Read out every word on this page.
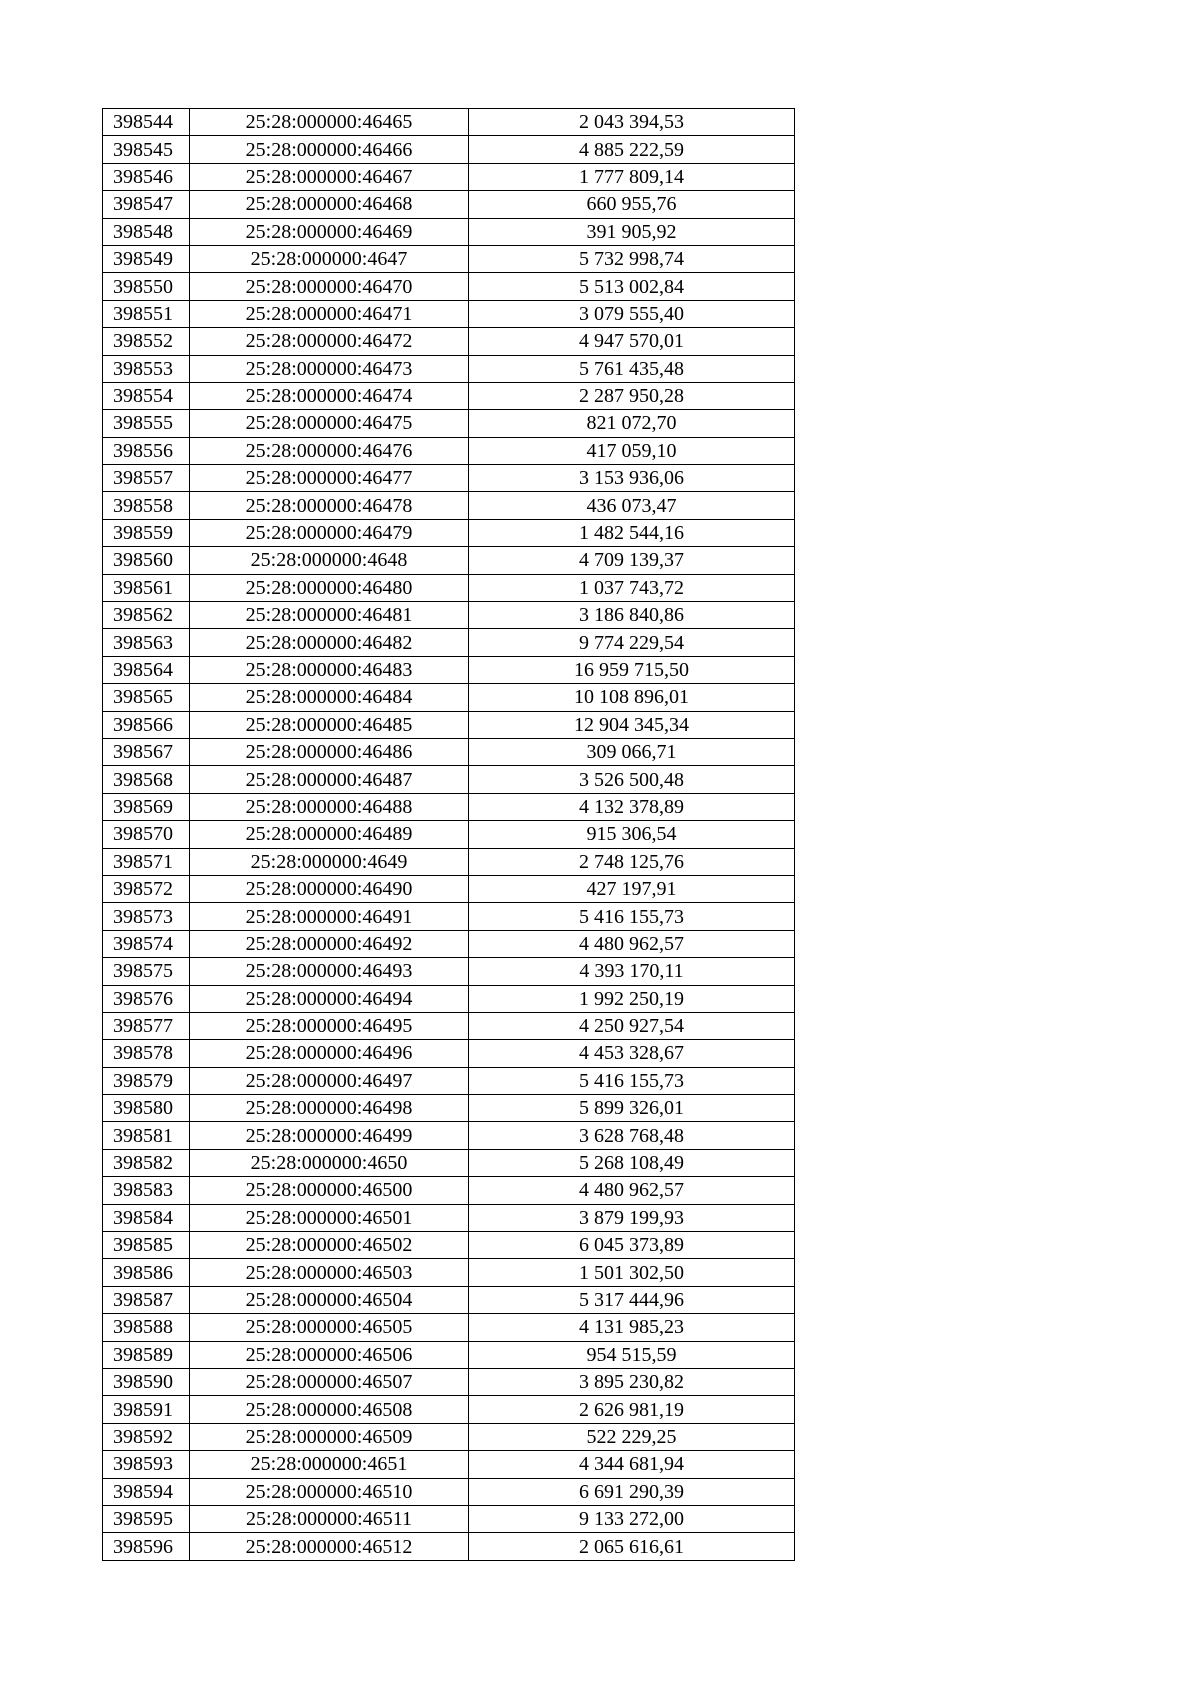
398544	25:28:000000:46465	2 043 394,53
398545	25:28:000000:46466	4 885 222,59
398546	25:28:000000:46467	1 777 809,14
398547	25:28:000000:46468	660 955,76
398548	25:28:000000:46469	391 905,92
398549	25:28:000000:4647	5 732 998,74
398550	25:28:000000:46470	5 513 002,84
398551	25:28:000000:46471	3 079 555,40
398552	25:28:000000:46472	4 947 570,01
398553	25:28:000000:46473	5 761 435,48
398554	25:28:000000:46474	2 287 950,28
398555	25:28:000000:46475	821 072,70
398556	25:28:000000:46476	417 059,10
398557	25:28:000000:46477	3 153 936,06
398558	25:28:000000:46478	436 073,47
398559	25:28:000000:46479	1 482 544,16
398560	25:28:000000:4648	4 709 139,37
398561	25:28:000000:46480	1 037 743,72
398562	25:28:000000:46481	3 186 840,86
398563	25:28:000000:46482	9 774 229,54
398564	25:28:000000:46483	16 959 715,50
398565	25:28:000000:46484	10 108 896,01
398566	25:28:000000:46485	12 904 345,34
398567	25:28:000000:46486	309 066,71
398568	25:28:000000:46487	3 526 500,48
398569	25:28:000000:46488	4 132 378,89
398570	25:28:000000:46489	915 306,54
398571	25:28:000000:4649	2 748 125,76
398572	25:28:000000:46490	427 197,91
398573	25:28:000000:46491	5 416 155,73
398574	25:28:000000:46492	4 480 962,57
398575	25:28:000000:46493	4 393 170,11
398576	25:28:000000:46494	1 992 250,19
398577	25:28:000000:46495	4 250 927,54
398578	25:28:000000:46496	4 453 328,67
398579	25:28:000000:46497	5 416 155,73
398580	25:28:000000:46498	5 899 326,01
398581	25:28:000000:46499	3 628 768,48
398582	25:28:000000:4650	5 268 108,49
398583	25:28:000000:46500	4 480 962,57
398584	25:28:000000:46501	3 879 199,93
398585	25:28:000000:46502	6 045 373,89
398586	25:28:000000:46503	1 501 302,50
398587	25:28:000000:46504	5 317 444,96
398588	25:28:000000:46505	4 131 985,23
398589	25:28:000000:46506	954 515,59
398590	25:28:000000:46507	3 895 230,82
398591	25:28:000000:46508	2 626 981,19
398592	25:28:000000:46509	522 229,25
398593	25:28:000000:4651	4 344 681,94
398594	25:28:000000:46510	6 691 290,39
398595	25:28:000000:46511	9 133 272,00
398596	25:28:000000:46512	2 065 616,61
